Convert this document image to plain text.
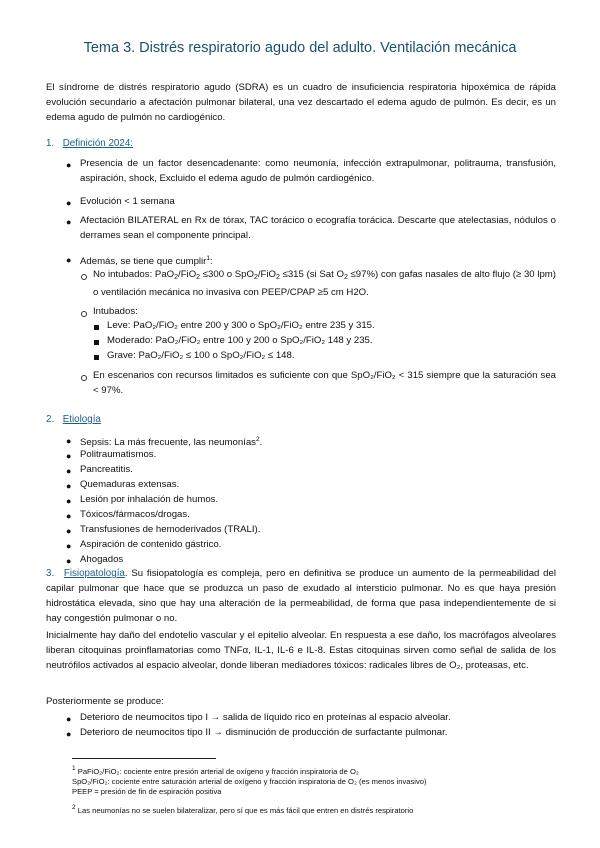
Tema 3. Distrés respiratorio agudo del adulto. Ventilación mecánica
El síndrome de distrés respiratorio agudo (SDRA) es un cuadro de insuficiencia respiratoria hipoxémica de rápida evolución secundario a afectación pulmonar bilateral, una vez descartado el edema agudo de pulmón. Es decir, es un edema agudo de pulmón no cardiogénico.
1. Definición 2024:
● Presencia de un factor desencadenante: como neumonía, infección extrapulmonar, politrauma, transfusión, aspiración, shock, Excluido el edema agudo de pulmón cardiogénico.
● Evolución < 1 semana
● Afectación BILATERAL en Rx de tórax, TAC torácico o ecografía torácica. Descarte que atelectasias, nódulos o derrames sean el componente principal.
● Además, se tiene que cumplir$^1$:
No intubados: PaO$_2$/FiO$_2$ ≤300 o SpO$_2$/FiO$_2$ ≤315 (si Sat $O_2 \le 97\%$) con gafas nasales de alto flujo (≥ 30 lpm) o ventilación mecánica no invasiva con PEEP/CPAP ≥5 cm H2O.
Intubados:
Leve: PaO₂/FiO₂ entre 200 y 300 o SpO₂/FiO₂ entre 235 y 315.
Moderado: PaO₂/FiO₂ entre 100 y 200 o SpO₂/FiO₂ 148 y 235.
Grave: PaO₂/FiO₂ ≤ 100 o SpO₂/FiO₂ ≤ 148.
En escenarios con recursos limitados es suficiente con que SpO₂/FiO₂ < 315 siempre que la saturación sea < 97%.
2. Etiología
● Sepsis: La más frecuente, las neumonías$^2$.
● Politraumatismos.
● Pancreatitis.
● Quemaduras extensas.
● Lesión por inhalación de humos.
● Tóxicos/fármacos/drogas.
● Transfusiones de hemoderivados (TRALI).
● Aspiración de contenido gástrico.
● Ahogados
3. Fisiopatología. Su fisiopatología es compleja, pero en definitiva se produce un aumento de la permeabilidad del capilar pulmonar que hace que se produzca un paso de exudado al intersticio pulmonar. No es que haya presión hidrostática elevada, sino que hay una alteración de la permeabilidad, de forma que pasa independientemente de si hay congestión pulmonar o no.
Inicialmente hay daño del endotelio vascular y el epitelio alveolar. En respuesta a ese daño, los macrófagos alveolares liberan citoquinas proinflamatorias como TNFα, IL-1, IL-6 e IL-8. Estas citoquinas sirven como señal de salida de los neutrófilos activados al espacio alveolar, donde liberan mediadores tóxicos: radicales libres de O₂, proteasas, etc.
Posteriormente se produce:
● Deterioro de neumocitos tipo I → salida de líquido rico en proteínas al espacio alveolar.
● Deterioro de neumocitos tipo II → disminución de producción de surfactante pulmonar.
$^1$ PaFiO₂/FiO₂: cociente entre presión arterial de oxígeno y fracción inspiratoria de O₂
SpO₂/FiO₂: cociente entre saturación arterial de oxígeno y fracción inspiratoria de O₂ (es menos invasivo)
PEEP = presión de fin de espiración positiva
$^2$ Las neumonías no se suelen bilateralizar, pero sí que es más fácil que entren en distrés respiratorio
